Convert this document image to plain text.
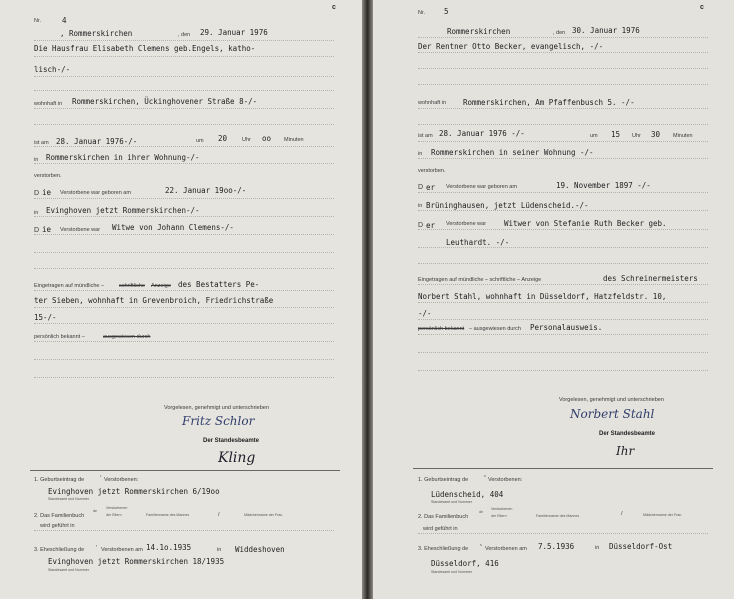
c
Nr.	4
, Rommerskirchen	, den 29. Januar 1976
Die Hausfrau Elisabeth Clemens geb.Engels, katho-
lisch-/-
wohnhaft in Rommerskirchen, Ückinghovener Straße 8-/-
ist am 28. Januar 1976-/-	um 20	Uhr oo Minuten
in Rommerskirchen in ihrer Wohnung-/-
verstorben.
D ie Verstorbene war geboren am	22. Januar 19oo-/-
in Evinghoven jetzt Rommerskirchen-/-
D ie Verstorbene war Witwe von Johann Clemens-/-
Eingetragen auf mündliche –	schriftliche Anzeige des Bestatters Pe-
ter Sieben, wohnhaft in Grevenbroich, Friedrichstraße
15-/-
persönlich bekannt –	ausgewiesen durch
Vorgelesen, genehmigt und unterschrieben
Fritz Schlor
Der Standesbeamte
Kling
1. Geburtseintrag de
r
Verstorbenen:
Evinghoven jetzt Rommerskirchen 6/19oo
Standesamt und Nummer
2. Das Familienbuch
de
Verstorbenen
der Eltern	Familienname des Mannes	/	Mädchenname der Frau
wird geführt in
3. Eheschließung de
r
Verstorbenen am 14.1o.1935	in Widdeshoven
Evinghoven jetzt Rommerskirchen 18/1935
Standesamt und Nummer
c
Nr.	5
Rommerskirchen	, den 30. Januar 1976
Der Rentner Otto Becker, evangelisch, -/-
wohnhaft in Rommerskirchen, Am Pfaffenbusch 5. -/-
ist am 28. Januar 1976 -/-	um 15 Uhr 30 Minuten
in Rommerskirchen in seiner Wohnung -/-
verstorben.
D er Verstorbene war geboren am	19. November 1897 -/-
in Brüninghausen, jetzt Lüdenscheid.-/-
D er Verstorbene war Witwer von Stefanie Ruth Becker geb.
Leuthardt. -/-
Eingetragen auf mündliche – schriftliche – Anzeige	des Schreinermeisters
Norbert Stahl, wohnhaft in Düsseldorf, Hatzfeldstr. 10,
-/-
persönlich bekannt – ausgewiesen durch Personalausweis.
Vorgelesen, genehmigt und unterschrieben
Norbert Stahl
Der Standesbeamte
Ihr
1. Geburtseintrag de
s
Verstorbenen:
Lüdenscheid, 404
Standesamt und Nummer
2. Das Familienbuch
de
Verstorbenen
der Eltern	Familienname des Mannes	/	Mädchenname der Frau
wird geführt in
3. Eheschließung de
s
Verstorbenen am 7.5.1936	in Düsseldorf-Ost
Düsseldorf, 416
Standesamt und Nummer
